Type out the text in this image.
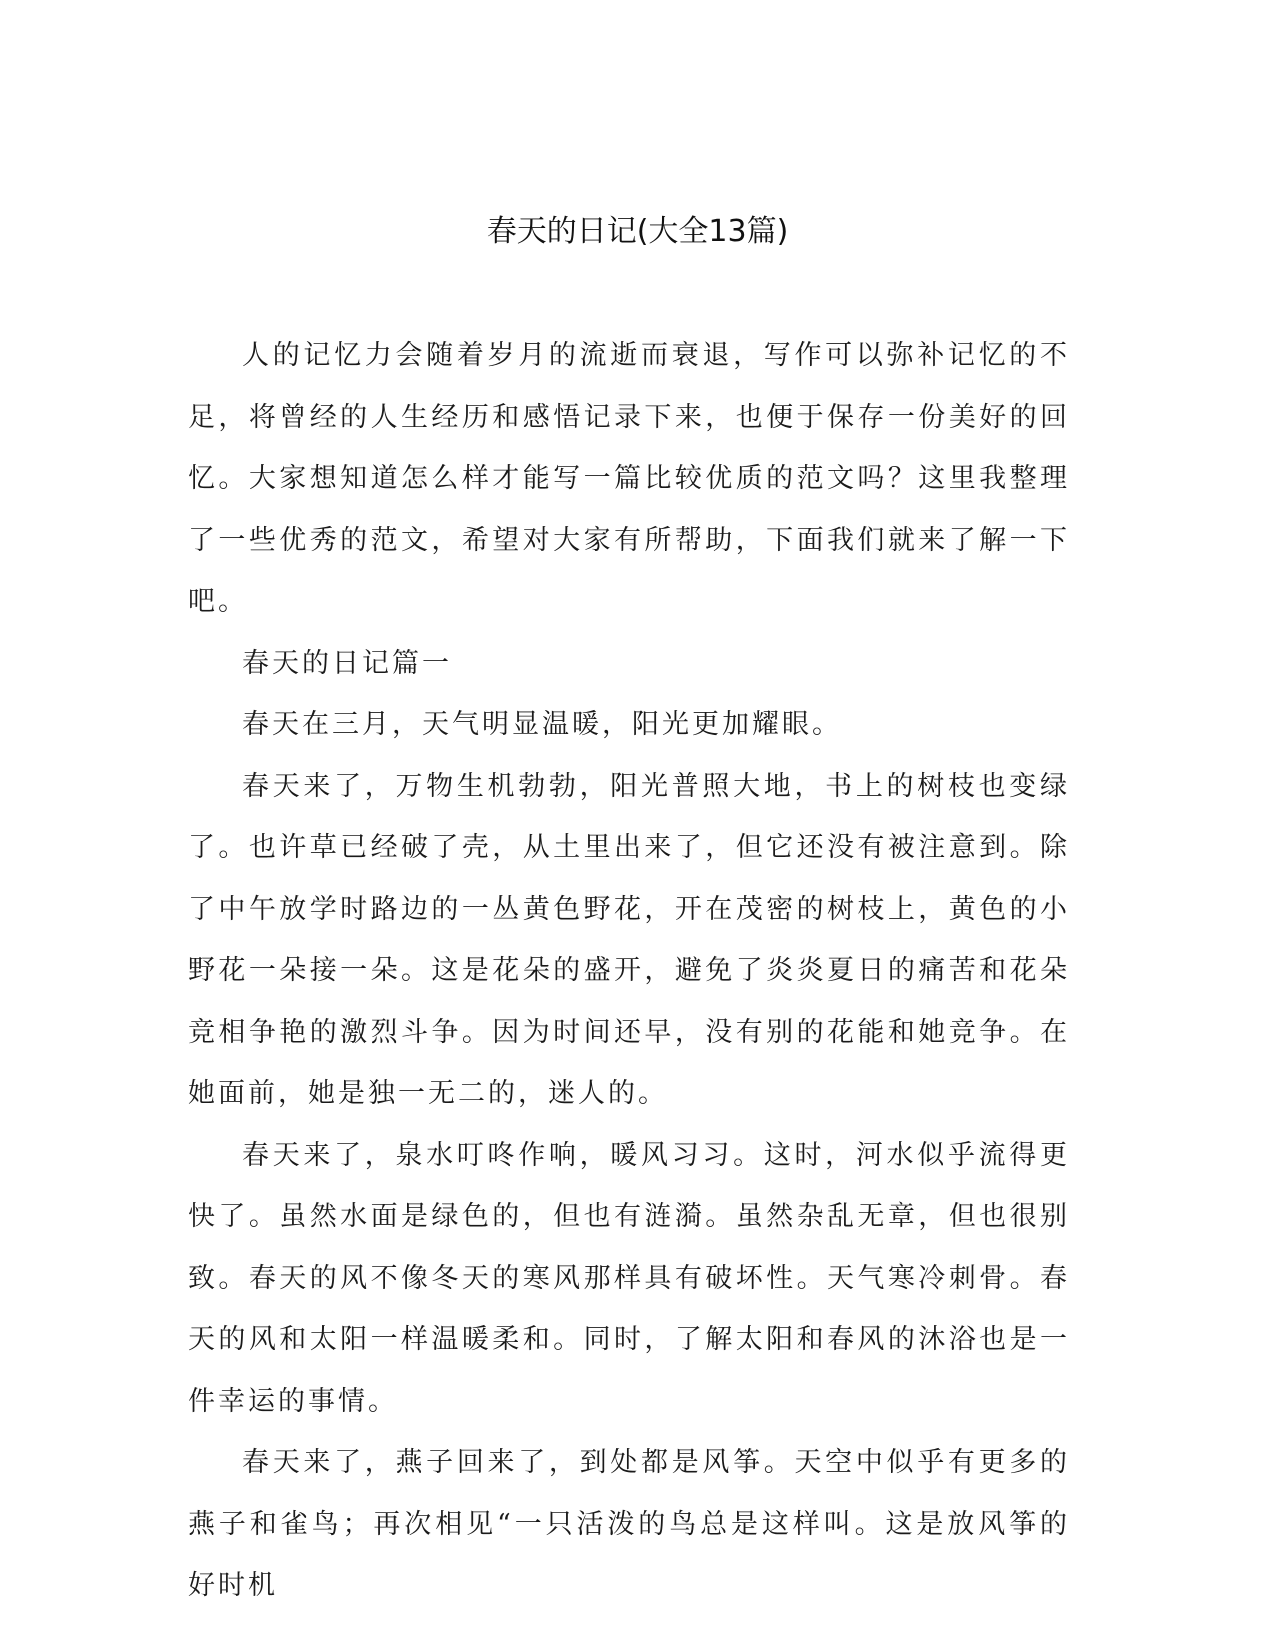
春天的日记(大全13篇)

人的记忆力会随着岁月的流逝而衰退，写作可以弥补记忆的不足，将曾经的人生经历和感悟记录下来，也便于保存一份美好的回忆。大家想知道怎么样才能写一篇比较优质的范文吗？这里我整理了一些优秀的范文，希望对大家有所帮助，下面我们就来了解一下吧。

春天的日记篇一

春天在三月，天气明显温暖，阳光更加耀眼。

春天来了，万物生机勃勃，阳光普照大地，书上的树枝也变绿了。也许草已经破了壳，从土里出来了，但它还没有被注意到。除了中午放学时路边的一丛黄色野花，开在茂密的树枝上，黄色的小野花一朵接一朵。这是花朵的盛开，避免了炎炎夏日的痛苦和花朵竞相争艳的激烈斗争。因为时间还早，没有别的花能和她竞争。在她面前，她是独一无二的，迷人的。

春天来了，泉水叮咚作响，暖风习习。这时，河水似乎流得更快了。虽然水面是绿色的，但也有涟漪。虽然杂乱无章，但也很别致。春天的风不像冬天的寒风那样具有破坏性。天气寒冷刺骨。春天的风和太阳一样温暖柔和。同时，了解太阳和春风的沐浴也是一件幸运的事情。

春天来了，燕子回来了，到处都是风筝。天空中似乎有更多的燕子和雀鸟；再次相见“一只活泼的鸟总是这样叫。这是放风筝的好时机
